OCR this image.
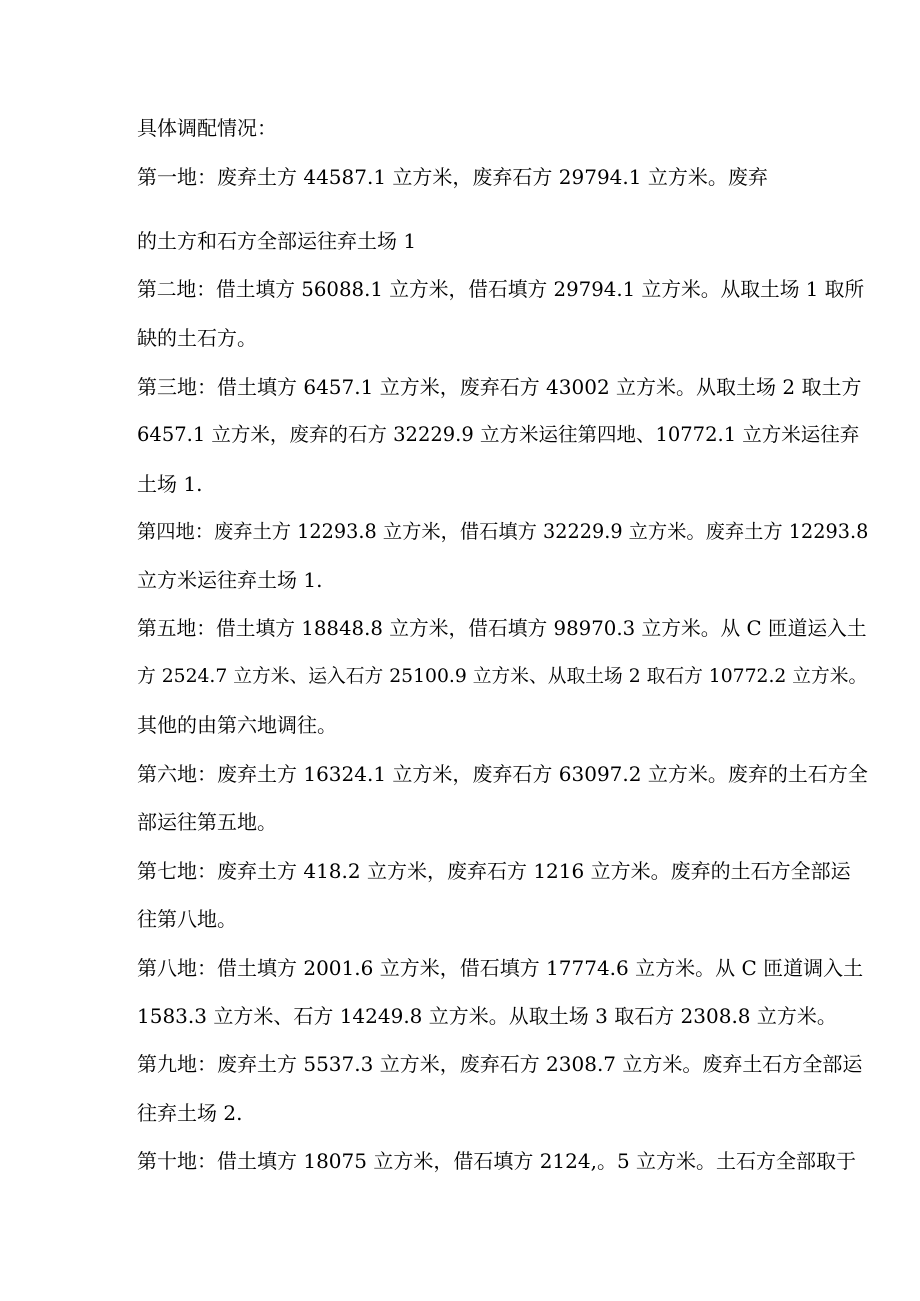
具体调配情况：
第一地：废弃土方 44587.1 立方米，废弃石方 29794.1 立方米。废弃
的土方和石方全部运往弃土场 1
第二地：借土填方 56088.1 立方米，借石填方 29794.1 立方米。从取土场 1 取所
缺的土石方。
第三地：借土填方 6457.1 立方米，废弃石方 43002 立方米。从取土场 2 取土方
6457.1 立方米，废弃的石方 32229.9 立方米运往第四地、10772.1 立方米运往弃
土场 1.
第四地：废弃土方 12293.8 立方米，借石填方 32229.9 立方米。废弃土方 12293.8
立方米运往弃土场 1.
第五地：借土填方 18848.8 立方米，借石填方 98970.3 立方米。从 C 匝道运入土
方 2524.7 立方米、运入石方 25100.9 立方米、从取土场 2 取石方 10772.2 立方米。
其他的由第六地调往。
第六地：废弃土方 16324.1 立方米，废弃石方 63097.2 立方米。废弃的土石方全
部运往第五地。
第七地：废弃土方 418.2 立方米，废弃石方 1216 立方米。废弃的土石方全部运
往第八地。
第八地：借土填方 2001.6 立方米，借石填方 17774.6 立方米。从 C 匝道调入土
1583.3 立方米、石方 14249.8 立方米。从取土场 3 取石方 2308.8 立方米。
第九地：废弃土方 5537.3 立方米，废弃石方 2308.7 立方米。废弃土石方全部运
往弃土场 2.
第十地：借土填方 18075 立方米，借石填方 2124,。5 立方米。土石方全部取于
